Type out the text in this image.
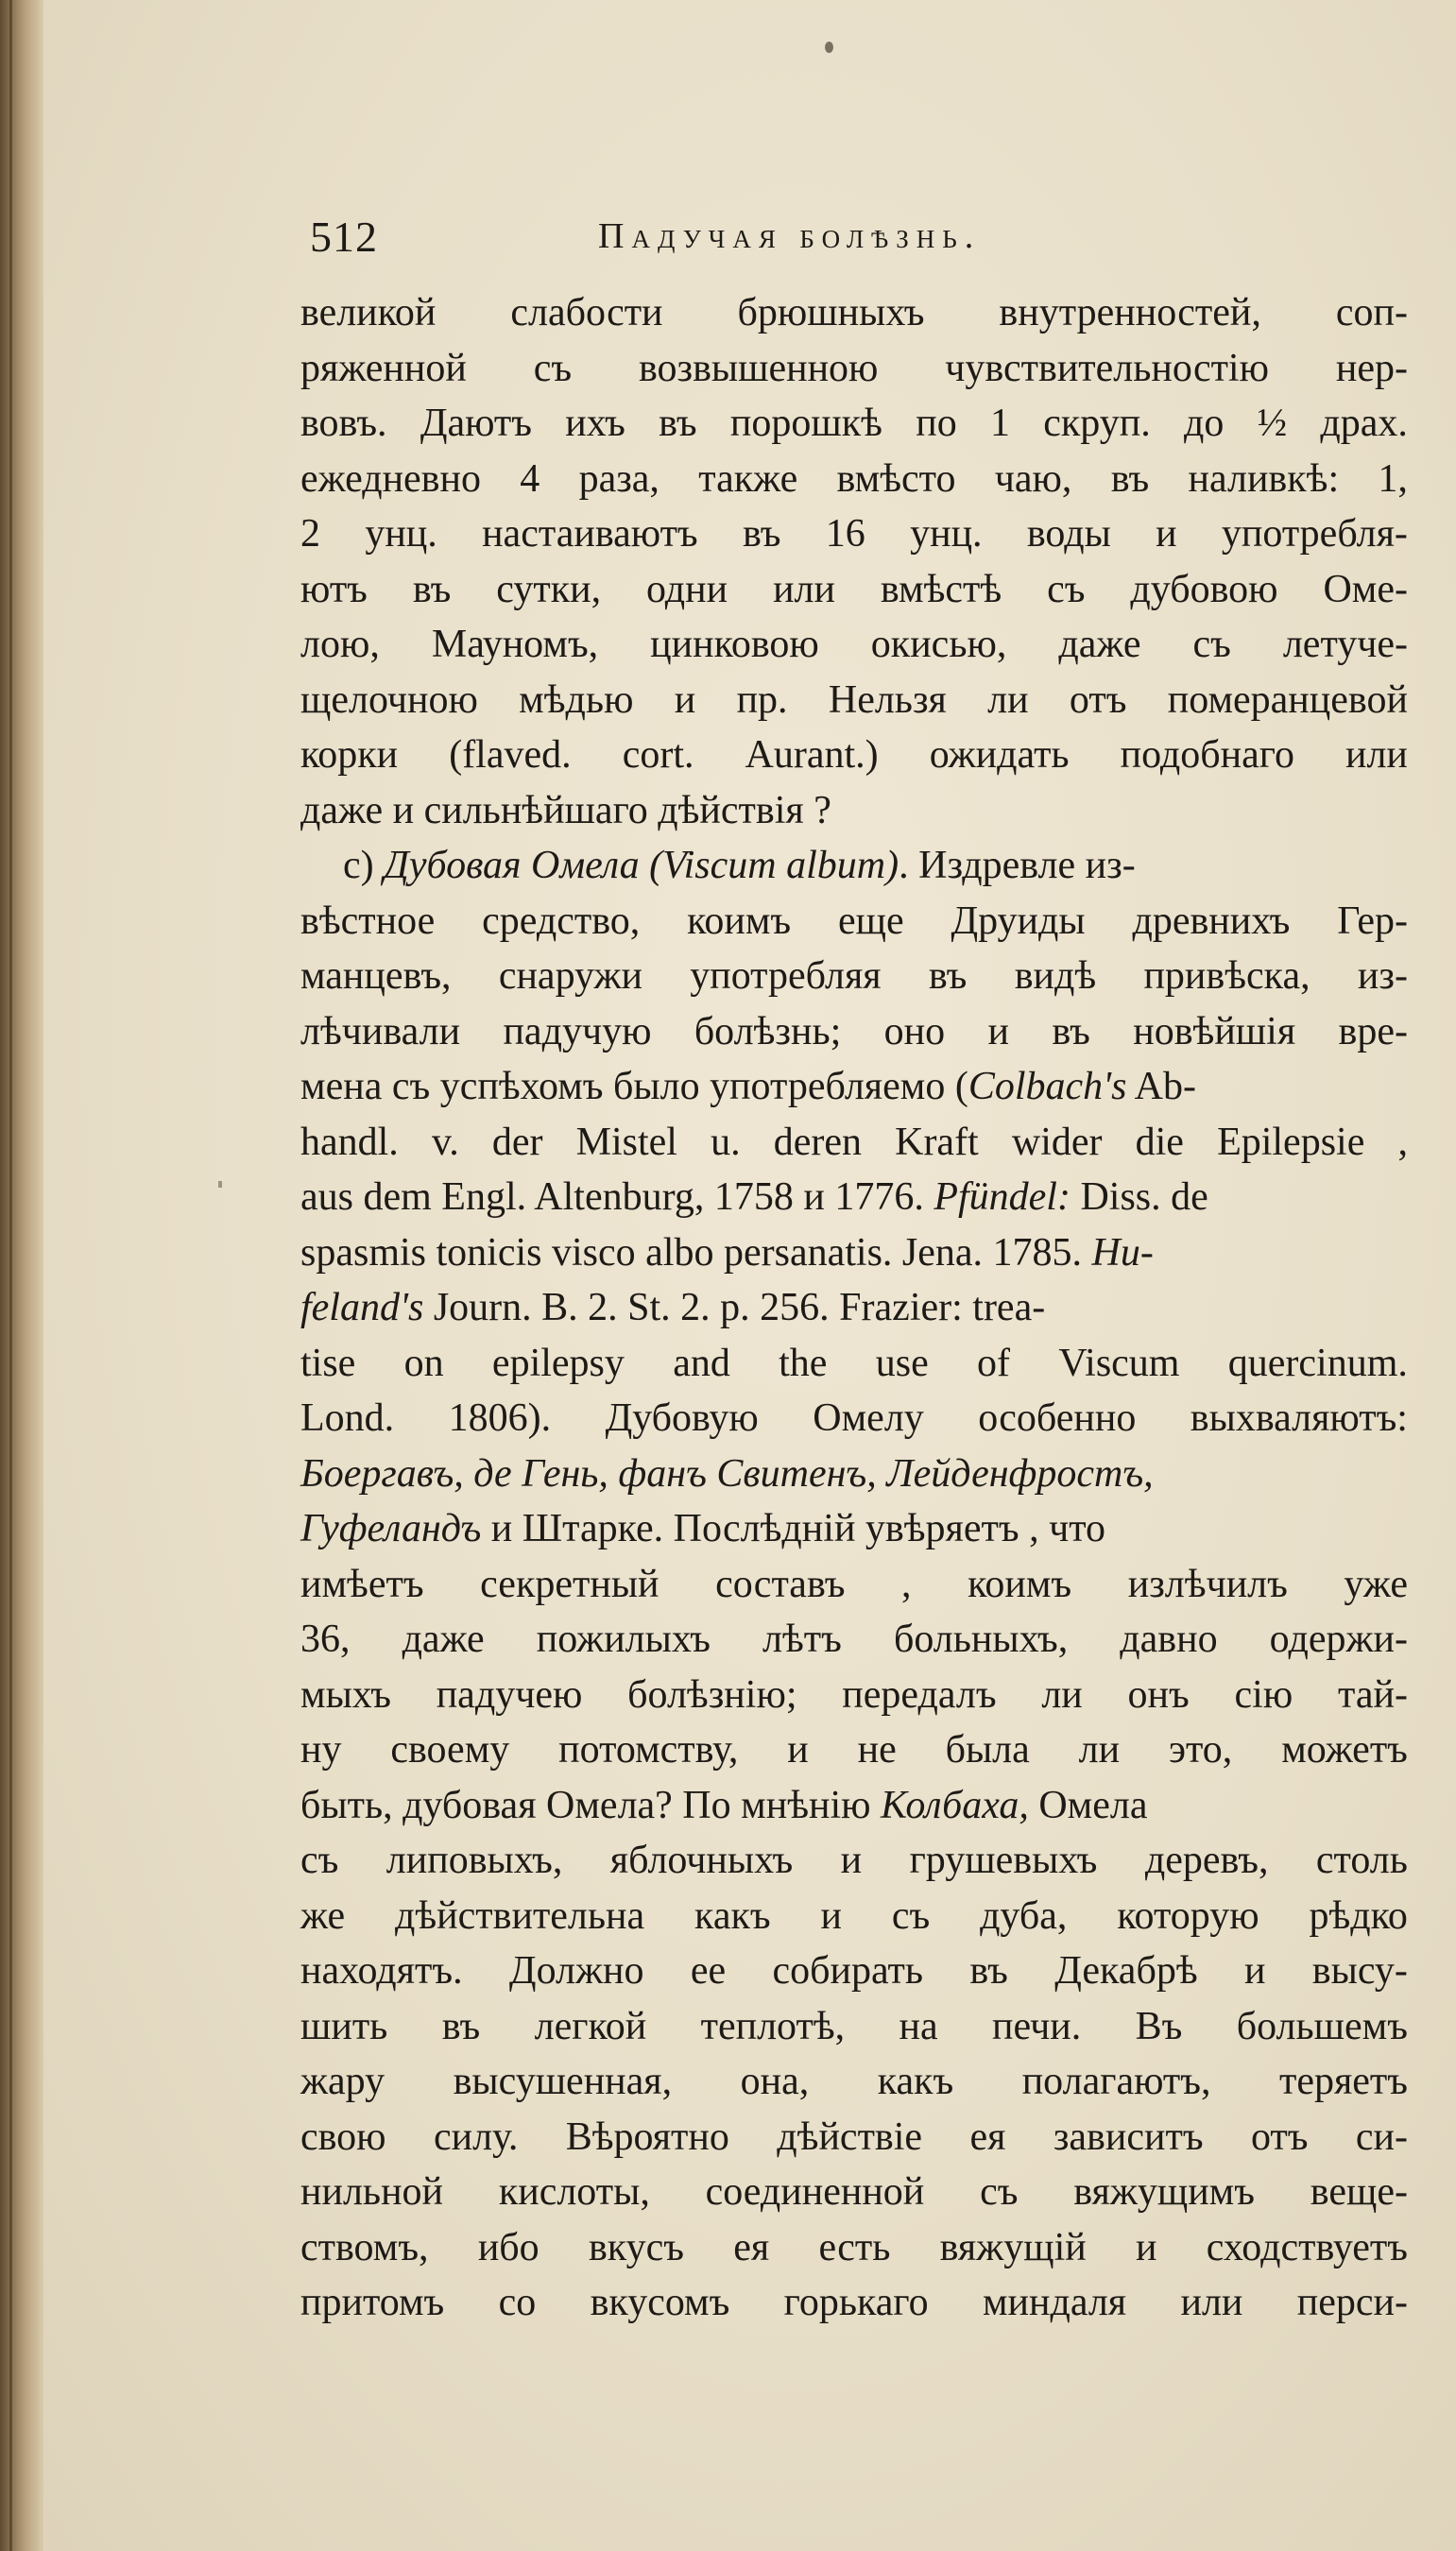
512	Падучая болѣзнь.
великой слабости брюшныхъ внутренностей, соп-
ряженной съ возвышенною чувствительностію нер-
вовъ. Даютъ ихъ въ порошкѣ по 1 скруп. до ½ драх.
ежедневно 4 раза, также вмѣсто чаю, въ наливкѣ: 1,
2 унц. настаиваютъ въ 16 унц. воды и употребля-
ютъ въ сутки, одни или вмѣстѣ съ дубовою Оме-
лою, Мауномъ, цинковою окисью, даже съ летуче-
щелочною мѣдью и пр. Нельзя ли отъ померанцевой
корки (flaved. cort. Aurant.) ожидать подобнаго или
даже и сильнѣйшаго дѣйствія ?
c) Дубовая Омела (Viscum album). Издревле из-
вѣстное средство, коимъ еще Друиды древнихъ Гер-
манцевъ, снаружи употребляя въ видѣ привѣска, из-
лѣчивали падучую болѣзнь; оно и въ новѣйшія вре-
мена съ успѣхомъ было употребляемо (Colbach's Ab-
handl. v. der Mistel u. deren Kraft wider die Epilepsie ,
aus dem Engl. Altenburg, 1758 и 1776. Pfündel: Diss. de
spasmis tonicis visco albo persanatis. Jena. 1785. Hu-
feland's Journ. B. 2. St. 2. p. 256. Frazier: trea-
tise on epilepsy and the use of Viscum quercinum.
Lond. 1806). Дубовую Омелу особенно выхваляютъ:
Боергавъ, де Гень, фанъ Свитенъ, Лейденфростъ,
Гуфеландъ и Штарке. Послѣдній увѣряетъ , что
имѣетъ секретный составъ , коимъ излѣчилъ уже
36, даже пожилыхъ лѣтъ больныхъ, давно одержи-
мыхъ падучею болѣзнію; передалъ ли онъ сію тай-
ну своему потомству, и не была ли это, можетъ
быть, дубовая Омела? По мнѣнію Колбаха, Омела
съ липовыхъ, яблочныхъ и грушевыхъ деревъ, столь
же дѣйствительна какъ и съ дуба, которую рѣдко
находятъ. Должно ее собирать въ Декабрѣ и высу-
шить въ легкой теплотѣ, на печи. Въ большемъ
жару высушенная, она, какъ полагаютъ, теряетъ
свою силу. Вѣроятно дѣйствіе ея зависитъ отъ си-
нильной кислоты, соединенной съ вяжущимъ веще-
ствомъ, ибо вкусъ ея есть вяжущій и сходствуетъ
притомъ со вкусомъ горькаго миндаля или перси-
